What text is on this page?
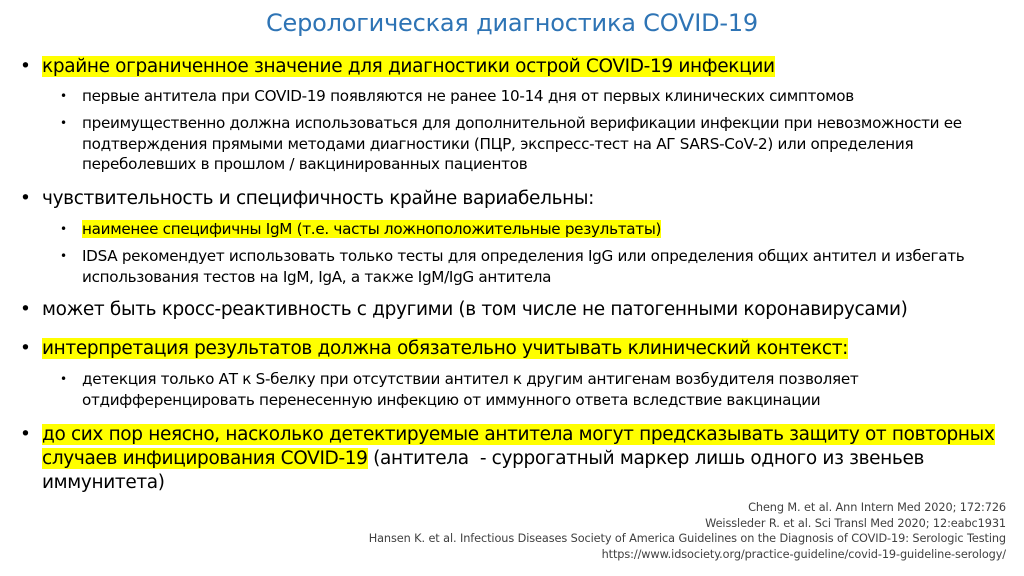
Серологическая диагностика COVID-19
• крайне ограниченное значение для диагностики острой COVID-19 инфекции
•	первые антитела при COVID-19 появляются не ранее 10-14 дня от первых клинических симптомов
•	преимущественно должна использоваться для дополнительной верификации инфекции при невозможности ее подтверждения прямыми методами диагностики (ПЦР, экспресс-тест на АГ SARS-CoV-2) или определения переболевших в прошлом / вакцинированных пациентов
• чувствительность и специфичность крайне вариабельны:
•	наименее специфичны IgM (т.е. часты ложноположительные результаты)
•	IDSA рекомендует использовать только тесты для определения IgG или определения общих антител и избегать использования тестов на IgM, IgA, а также IgM/IgG антитела
• может быть кросс-реактивность с другими (в том числе не патогенными коронавирусами)
• интерпретация результатов должна обязательно учитывать клинический контекст:
•	детекция только АТ к S-белку при отсутствии антител к другим антигенам возбудителя позволяет отдифференцировать перенесенную инфекцию от иммунного ответа вследствие вакцинации
• до сих пор неясно, насколько детектируемые антитела могут предсказывать защиту от повторных случаев инфицирования COVID-19 (антитела  - суррогатный маркер лишь одного из звеньев иммунитета)
Cheng M. et al. Ann Intern Med 2020; 172:726
Weissleder R. et al. Sci Transl Med 2020; 12:eabc1931
Hansen K. et al. Infectious Diseases Society of America Guidelines on the Diagnosis of COVID-19: Serologic Testing
https://www.idsociety.org/practice-guideline/covid-19-guideline-serology/
